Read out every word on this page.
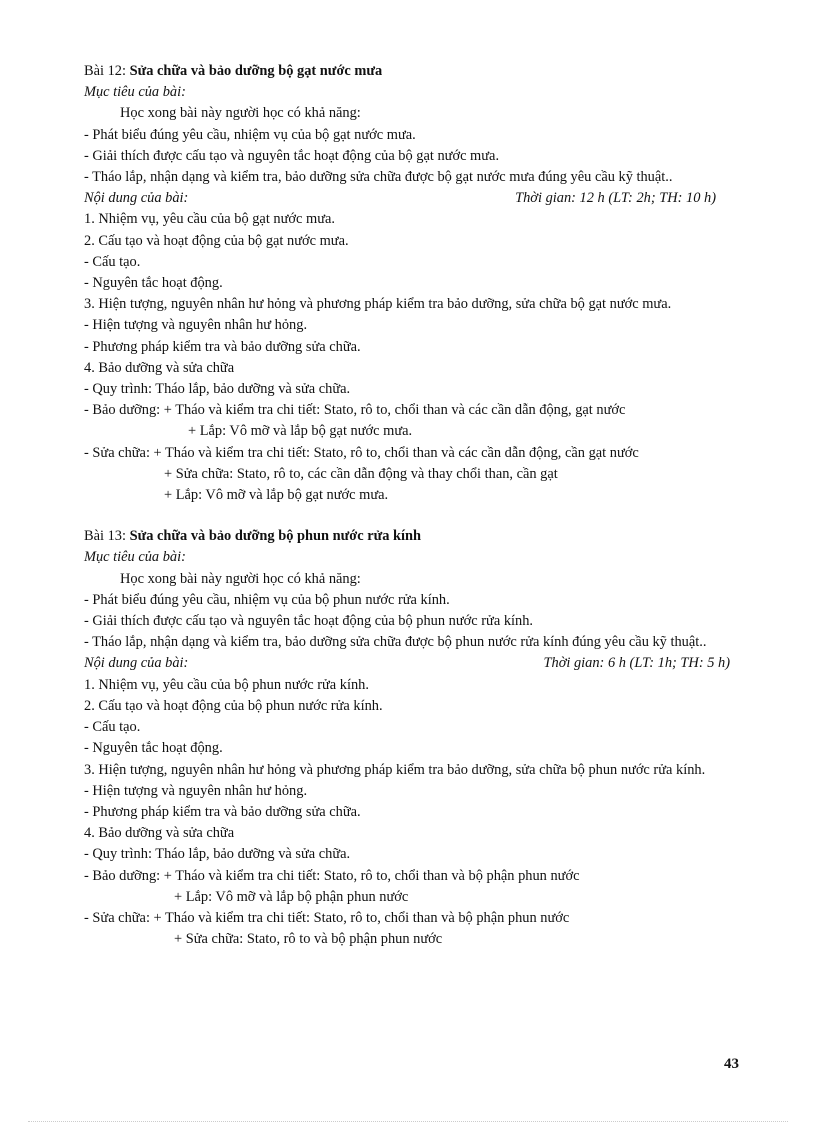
Bài 12: Sửa chữa và bảo dưỡng bộ gạt nước mưa
Mục tiêu của bài:
Học xong bài này người học có khả năng:
- Phát biểu đúng yêu cầu, nhiệm vụ của bộ gạt nước mưa.
- Giải thích được cấu tạo và nguyên tắc hoạt động của bộ gạt nước mưa.
- Tháo lắp, nhận dạng và kiểm tra, bảo dưỡng sửa chữa được bộ gạt nước mưa đúng yêu cầu kỹ thuật..
Nội dung của bài:	Thời gian: 12 h (LT: 2h; TH: 10 h)
1. Nhiệm vụ, yêu cầu của bộ gạt nước mưa.
2. Cấu tạo và hoạt động của bộ gạt nước mưa.
- Cấu tạo.
- Nguyên tắc hoạt động.
3. Hiện tượng, nguyên nhân hư hỏng và phương pháp kiểm tra bảo dưỡng, sửa chữa bộ gạt nước mưa.
- Hiện tượng và nguyên nhân hư hỏng.
- Phương pháp kiểm tra và bảo dưỡng sửa chữa.
4. Bảo dưỡng và sửa chữa
- Quy trình: Tháo lắp, bảo dưỡng và sửa chữa.
- Bảo dưỡng: + Tháo và kiểm tra chi tiết: Stato, rô to, chổi than và các cần dẫn động, gạt nước
+ Lắp: Vô mỡ và lắp bộ gạt nước mưa.
- Sửa chữa: + Tháo và kiểm tra chi tiết: Stato, rô to, chổi than và các cần dẫn động, cần gạt nước
+ Sửa chữa: Stato, rô to, các cần dẫn động và thay chổi than, cần gạt
+ Lắp: Vô mỡ và lắp bộ gạt nước mưa.
Bài 13: Sửa chữa và bảo dưỡng bộ phun nước rửa kính
Mục tiêu của bài:
Học xong bài này người học có khả năng:
- Phát biểu đúng yêu cầu, nhiệm vụ của bộ phun nước rửa kính.
- Giải thích được cấu tạo và nguyên tắc hoạt động của bộ phun nước rửa kính.
- Tháo lắp, nhận dạng và kiểm tra, bảo dưỡng sửa chữa được bộ phun nước rửa kính đúng yêu cầu kỹ thuật..
Nội dung của bài:	Thời gian: 6 h (LT: 1h; TH: 5 h)
1. Nhiệm vụ, yêu cầu của bộ phun nước rửa kính.
2. Cấu tạo và hoạt động của bộ phun nước rửa kính.
- Cấu tạo.
- Nguyên tắc hoạt động.
3. Hiện tượng, nguyên nhân hư hỏng và phương pháp kiểm tra bảo dưỡng, sửa chữa bộ phun nước rửa kính.
- Hiện tượng và nguyên nhân hư hỏng.
- Phương pháp kiểm tra và bảo dưỡng sửa chữa.
4. Bảo dưỡng và sửa chữa
- Quy trình: Tháo lắp, bảo dưỡng và sửa chữa.
- Bảo dưỡng: + Tháo và kiểm tra chi tiết: Stato, rô to, chổi than và bộ phận phun nước
+ Lắp: Vô mỡ và lắp bộ phận phun nước
- Sửa chữa: + Tháo và kiểm tra chi tiết: Stato, rô to, chổi than và bộ phận phun nước
+ Sửa chữa: Stato, rô to và bộ phận phun nước
43
